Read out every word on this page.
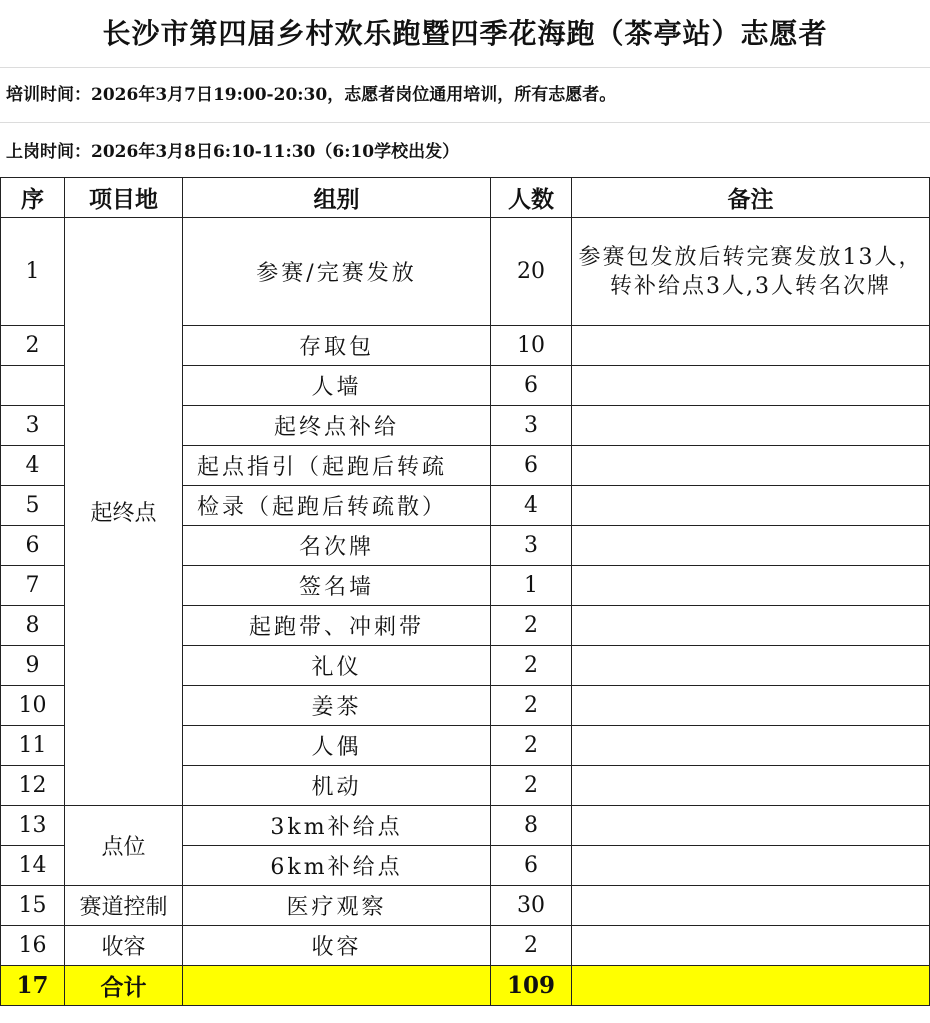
长沙市第四届乡村欢乐跑暨四季花海跑（茶亭站）志愿者
培训时间：2026年3月7日19:00-20:30，志愿者岗位通用培训，所有志愿者。
上岗时间：2026年3月8日6:10-11:30（6:10学校出发）
序	项目地	组别	人数	备注
1	起终点	参赛/完赛发放	20	参赛包发放后转完赛发放13人，转补给点3人,3人转名次牌
2		存取包	10	
		人墙	6	
3		起终点补给	3	
4		起点指引（起跑后转疏	6	
5		检录（起跑后转疏散）	4	
6		名次牌	3	
7		签名墙	1	
8		起跑带、冲刺带	2	
9		礼仪	2	
10		姜茶	2	
11		人偶	2	
12		机动	2	
13	点位	3km补给点	8	
14		6km补给点	6	
15	赛道控制	医疗观察	30	
16	收容	收容	2	
17	合计		109	
